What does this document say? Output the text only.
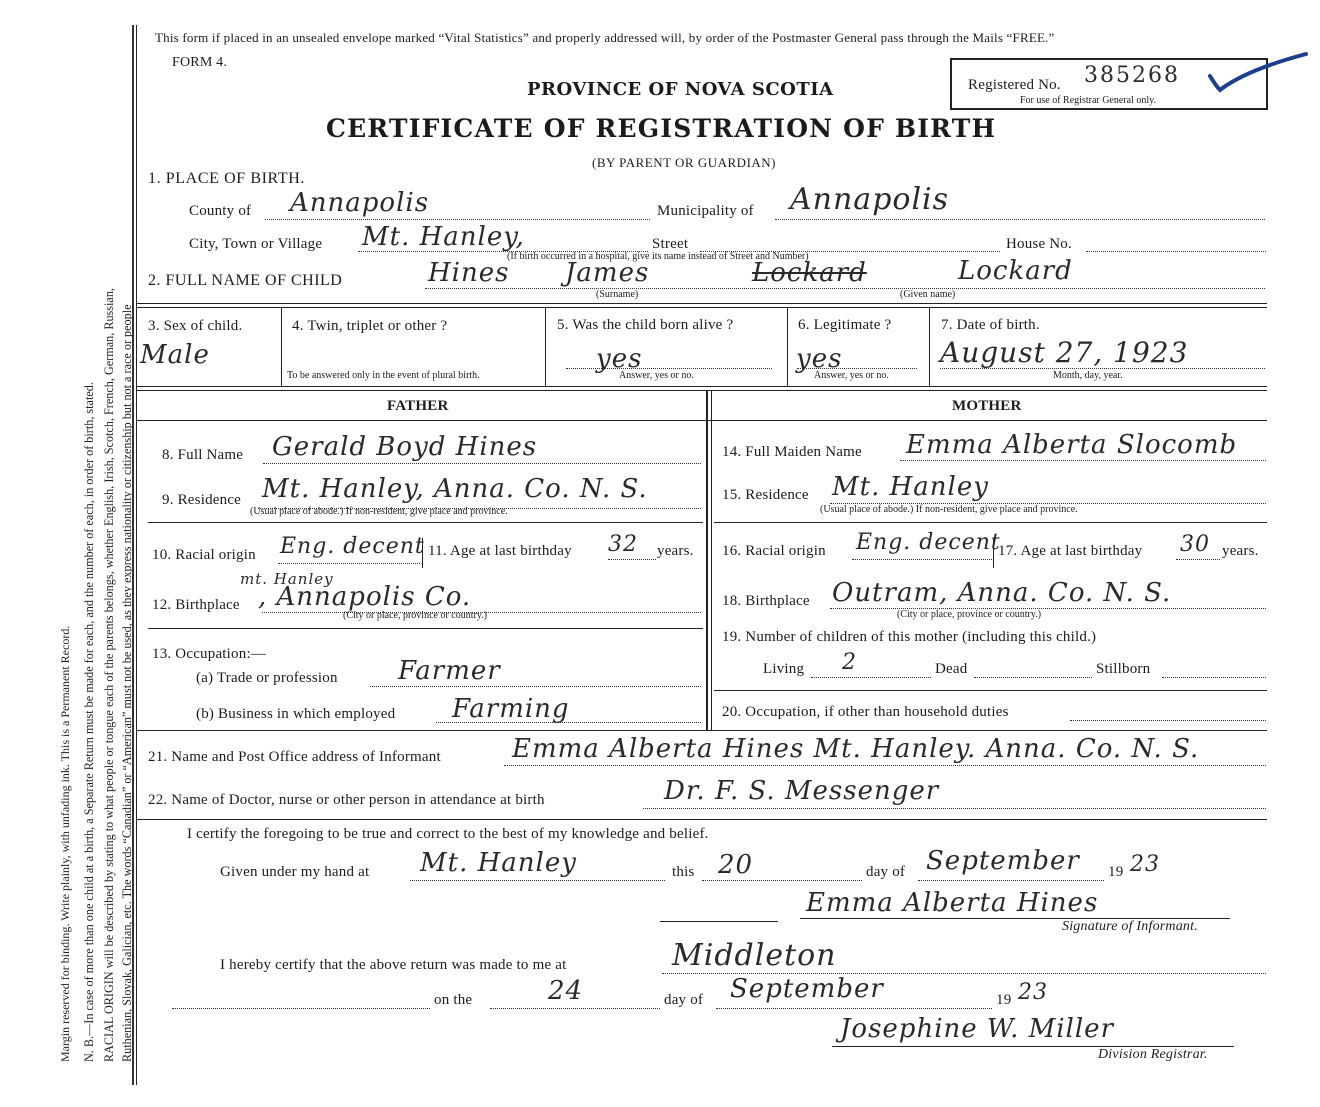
Margin reserved for binding. Write plainly, with unfading ink. This is a Permanent Record. N. B.—In case of more than one child at a birth, a Separate Return must be made for each, and the number of each, in order of birth, stated. RACIAL ORIGIN will be described by stating to what people or tongue each of the parents belongs, whether English, Irish, Scotch, French, German, Russian, Ruthenian, Slovak, Galician, etc. The words “Canadian” or “American” must not be used, as they express nationality or citizenship but not a race or people
This form if placed in an unsealed envelope marked “Vital Statistics” and properly addressed will, by order of the Postmaster General pass through the Mails “FREE.”
FORM 4.
Registered No. 385268
For use of Registrar General only.
PROVINCE OF NOVA SCOTIA
CERTIFICATE OF REGISTRATION OF BIRTH
(BY PARENT OR GUARDIAN)
1. PLACE OF BIRTH.
County of Annapolis	Municipality of Annapolis
City, Town or Village Mt. Hanley,	Street
(If birth occurred in a hospital, give its name instead of Street and Number)
House No.
2. FULL NAME OF CHILD	Hines James	Lockard	Lockard
(Surname)	(Given name)
3. Sex of child.
Male
4. Twin, triplet or other ?
To be answered only in the event of plural birth.
5. Was the child born alive ?
yes
Answer, yes or no.
6. Legitimate ?
yes
Answer, yes or no.
7. Date of birth.
August 27, 1923
Month, day, year.
FATHER	MOTHER
8. Full Name Gerald Boyd Hines
9. Residence Mt. Hanley, Anna. Co. N. S.
(Usual place of abode.) If non-resident, give place and province.
10. Racial origin Eng. decent 11. Age at last birthday 32 years.
mt. Hanley
12. Birthplace , Annapolis Co.
(City or place, province or country.)
13. Occupation:—
(a) Trade or profession Farmer
(b) Business in which employed Farming
14. Full Maiden Name Emma Alberta Slocomb
15. Residence Mt. Hanley
(Usual place of abode.) If non-resident, give place and province.
16. Racial origin Eng. decent
17. Age at last birthday 30 years.
18. Birthplace Outram, Anna. Co. N. S.
(City or place, province or country.)
19. Number of children of this mother (including this child.)
Living 2	Dead	Stillborn
20. Occupation, if other than household duties
21. Name and Post Office address of Informant	Emma Alberta Hines Mt. Hanley. Anna. Co. N. S.
22. Name of Doctor, nurse or other person in attendance at birth	Dr. F. S. Messenger
I certify the foregoing to be true and correct to the best of my knowledge and belief.
Given under my hand at Mt. Hanley	this 20	day of September 19 23
Emma Alberta Hines
Signature of Informant.
I hereby certify that the above return was made to me at	Middleton
on the	24	day of September	19 23
Josephine W. Miller
Division Registrar.
